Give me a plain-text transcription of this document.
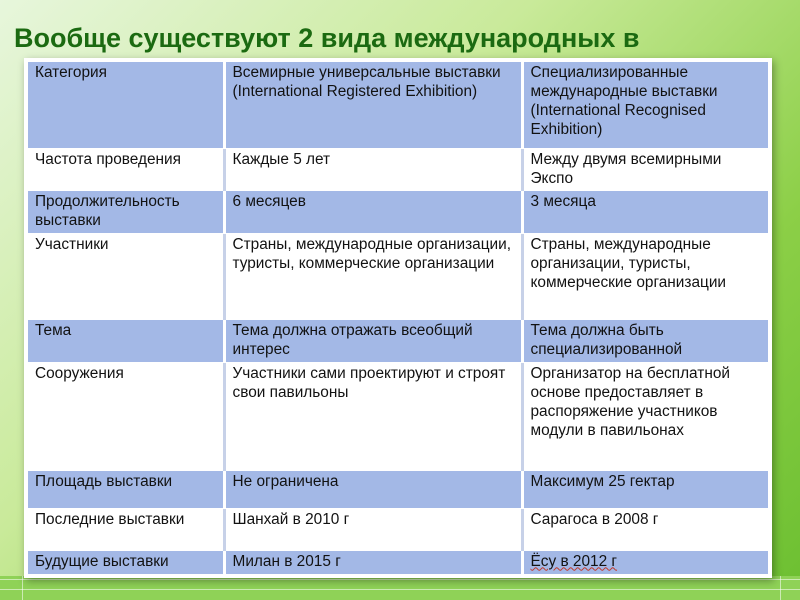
Вообще существуют 2 вида международных в
Категория	Всемирные универсальные выставки (International Registered Exhibition)	Специализированные международные выставки (International Recognised Exhibition)
Частота проведения	Каждые 5 лет	Между двумя всемирными Экспо
Продолжительность выставки	6 месяцев	3 месяца
Участники	Страны, международные организации, туристы, коммерческие организации	Страны, международные организации, туристы, коммерческие организации
Тема	Тема должна отражать всеобщий интерес	Тема должна быть специализированной
Сооружения	Участники сами проектируют и строят свои павильоны	Организатор на бесплатной основе предоставляет в распоряжение участников модули в павильонах
Площадь выставки	Не ограничена	Максимум 25 гектар
Последние выставки	Шанхай в 2010 г	Сарагоса в 2008 г
Будущие выставки	Милан в 2015 г	Ёсу в 2012 г
